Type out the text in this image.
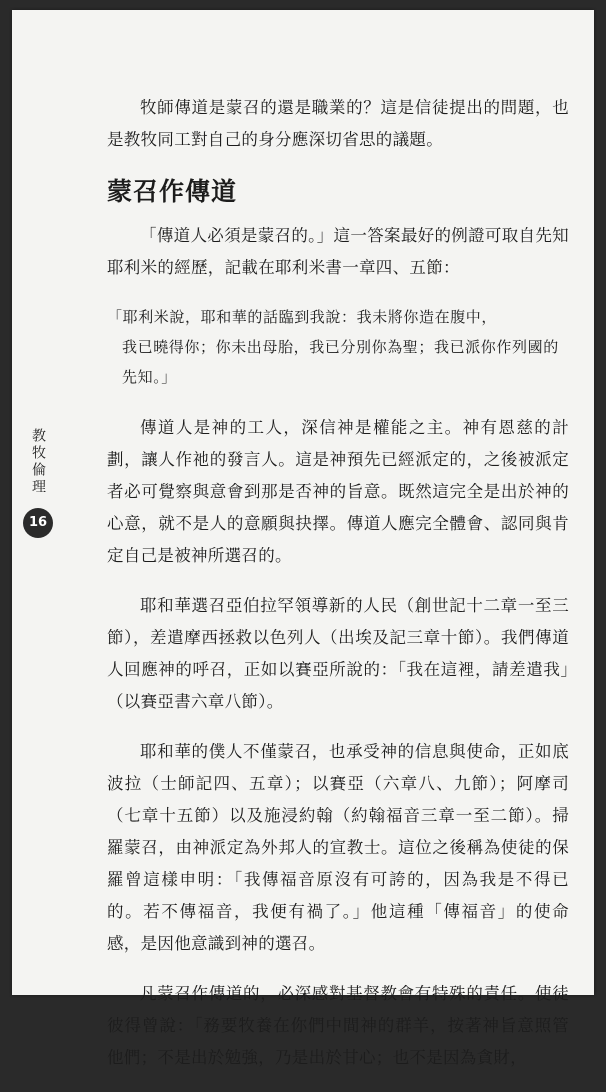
教牧倫理
16

牧師傳道是蒙召的還是職業的？這是信徒提出的問題，也是教牧同工對自己的身分應深切省思的議題。

蒙召作傳道

「傳道人必須是蒙召的。」這一答案最好的例證可取自先知耶利米的經歷，記載在耶利米書一章四、五節：

「耶利米說，耶和華的話臨到我說：我未將你造在腹中，
我已曉得你；你未出母胎，我已分別你為聖；我已派你作列國的先知。」

傳道人是神的工人，深信神是權能之主。神有恩慈的計劃，讓人作祂的發言人。這是神預先已經派定的，之後被派定者必可覺察與意會到那是否神的旨意。既然這完全是出於神的心意，就不是人的意願與抉擇。傳道人應完全體會、認同與肯定自己是被神所選召的。

耶和華選召亞伯拉罕領導新的人民（創世記十二章一至三節），差遣摩西拯救以色列人（出埃及記三章十節）。我們傳道人回應神的呼召，正如以賽亞所說的：「我在這裡，請差遣我」（以賽亞書六章八節）。

耶和華的僕人不僅蒙召，也承受神的信息與使命，正如底波拉（士師記四、五章）；以賽亞（六章八、九節）；阿摩司（七章十五節）以及施浸約翰（約翰福音三章一至二節）。掃羅蒙召，由神派定為外邦人的宣教士。這位之後稱為使徒的保羅曾這樣申明：「我傳福音原沒有可誇的，因為我是不得已的。若不傳福音，我便有禍了。」他這種「傳福音」的使命感，是因他意識到神的選召。

凡蒙召作傳道的，必深感對基督教會有特殊的責任。使徒彼得曾說：「務要牧養在你們中間神的群羊，按著神旨意照管他們；不是出於勉強，乃是出於甘心；也不是因為貪財，
